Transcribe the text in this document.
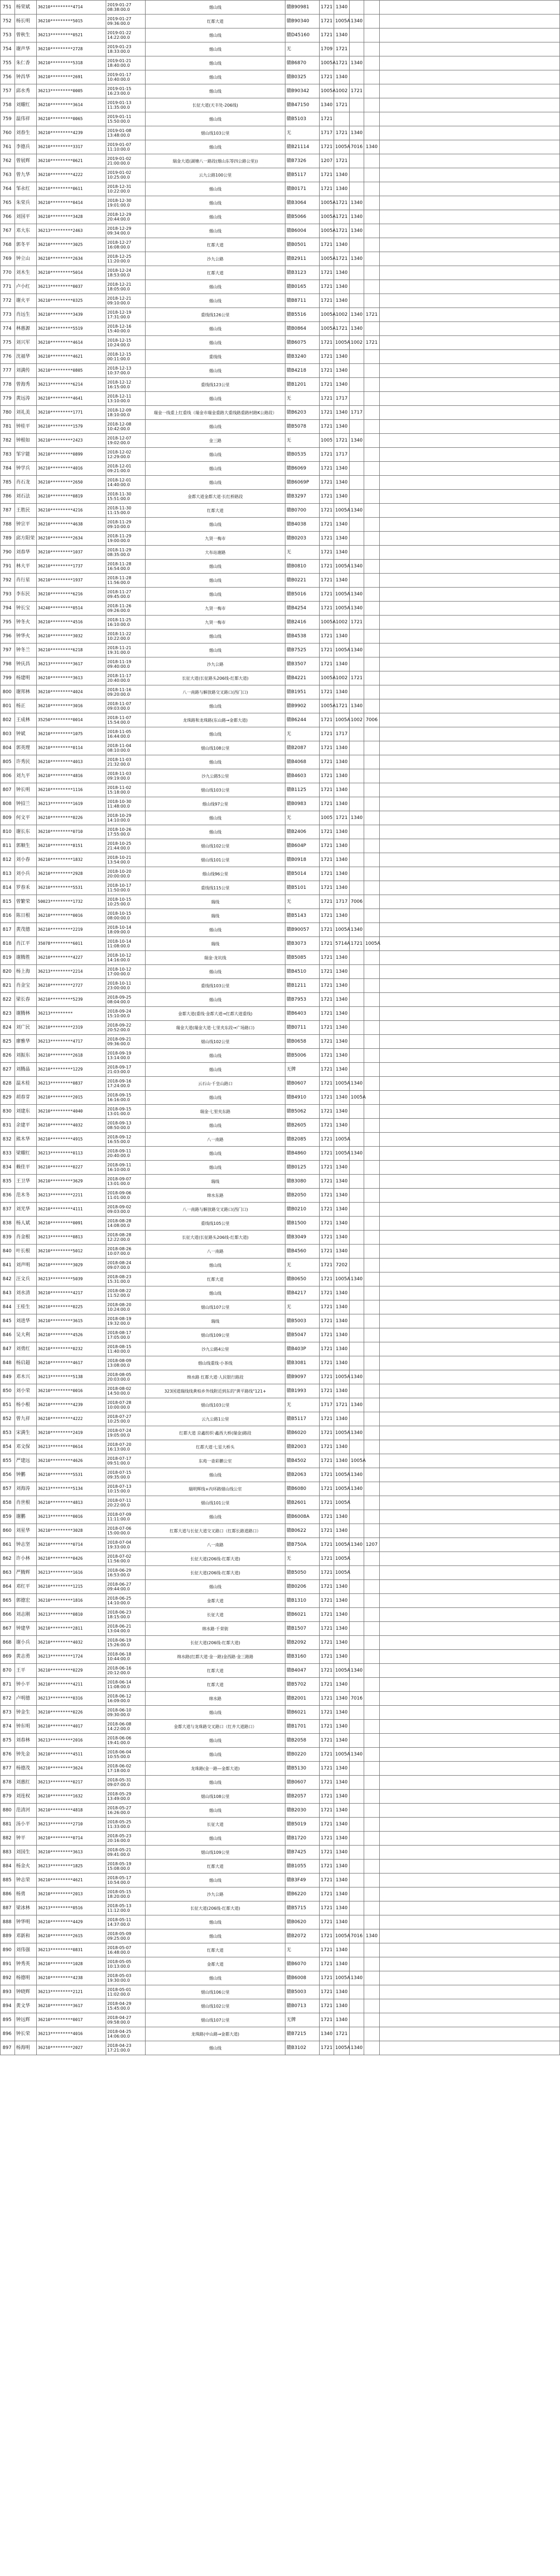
751	杨荣斌	36210*********4714	2019-01-27 08:38:00.0	烟山线	赣B90981	1721	1340			
752	杨长明	36210*********5015	2019-01-27 09:36:00.0	红都大道	赣B90340	1721	1005A	1340		
753	曾秋生	36213*********0521	2019-01-22 14:22:00.0	烟山线	赣D45160	1721	1340			
754	谢声华	36210*********2728	2019-01-23 18:33:00.0	烟山线	无	1709	1721			
755	朱仁香	36210*********5318	2019-01-21 18:40:00.0	烟山线	赣B6870	1005A	1721	1340		
756	钟昌华	36210*********2691	2019-01-17 10:40:00.0	烟山线	赣B0325	1721	1340			
757	邱水秀	36213*********0005	2019-01-15 16:23:00.0	烟山线	赣B90342	1005A	1002	1721		
758	刘耀红	36210*********3614	2019-01-13 11:35:00.0	长征大道(天丰处-206线)	赣B47150	1340	1721			
759	温伟祥	36210*********0065	2019-01-11 15:50:00.0	烟山线	赣B5103	1721				
760	刘春生	36210*********4239	2019-01-08 13:48:00.0	烟山线103公里	无	1717	1721	1340		
761	李德兵	36210*********3317	2019-01-07 11:10:00.0	烟山线	赣B21114	1721	1005A	7016	1340	
762	曾展辉	36210*********0621	2019-01-02 21:00:00.0	瑞金大道(湖塘八一路段(烟山东等四公路公里))	赣B7326	1207	1721			
763	曾九华	36210*********4222	2019-01-02 10:25:00.0	云九公路100公里	赣B5117	1721	1340			
764	邹永红	36210*********0611	2018-12-31 10:22:00.0	烟山线	赣B0171	1721	1340			
765	朱荣兵	36210*********0414	2018-12-30 19:01:00.0	烟山线	赣B3064	1005A	1721	1340		
766	刘国平	36210*********3428	2018-12-29 20:44:00.0	烟山线	赣B5066	1005A	1721	1340		
767	邓大东	36213*********2463	2018-12-29 09:34:00.0	烟山线	赣B6004	1005A	1721	1340		
768	郭冬平	36210*********3025	2018-12-27 16:08:00.0	红都大道	赣B0501	1721	1340			
769	钟立山	36210*********2634	2018-12-25 11:20:00.0	沙九公路	赣B2911	1005A	1721	1340		
770	刘木生	36210*********5014	2018-12-24 18:53:00.0	红都大道	赣B3123	1721	1340			
771	卢小红	36213*********0037	2018-12-21 18:05:00.0	烟山线	赣B0165	1721	1340			
772	谢火平	36210*********0325	2018-12-21 09:10:00.0	烟山线	赣B8711	1721	1340			
773	肖远生	36210*********3439	2018-12-19 17:31:00.0	重线线126公里	赣B5516	1005A	1002	1340	1721	
774	林惠源	36210*********5519	2018-12-16 15:40:00.0	烟山线	赣B0864	1005A	1721	1340		
775	刘兴军	36210*********4614	2018-12-15 10:24:00.0	烟山线	赣B6075	1721	1005A	1002	1721	
776	沈福华	36210*********4621	2018-12-15 00:11:00.0	重线线	赣B3240	1721	1340			
777	刘满传	36210*********0805	2018-12-13 10:37:00.0	烟山线	赣B4218	1721	1340			
778	曾海秀	36213*********6214	2018-12-12 16:15:00.0	重线线123公里	赣B1201	1721	1340			
779	黄远涛	36210*********4641	2018-12-11 13:10:00.0	烟山线	无	1721	1717			
780	刘礼美	36210*********1771	2018-12-09 18:10:00.0	瑞金一线重上红重线（瑞金市瑞金重路大重线路重路村路K公路段）	赣B6203	1721	1340	1717		
781	钟桂平	36210*********1579	2018-12-08 10:42:00.0	烟山线	赣B5078	1721	1340			
782	钟根如	36210*********2423	2018-12-07 19:02:00.0	金三路	无	1005	1721	1340		
783	邹宇能	36210*********0899	2018-12-02 12:29:00.0	烟山线	赣B0535	1721	1717			
784	钟学兵	36210*********4016	2018-12-01 09:21:00.0	烟山线	赣B6069	1721	1340			
785	肖石龙	36210*********2650	2018-12-01 14:40:00.0	烟山线	赣B6069P	1721	1340			
786	刘石法	36210*********0819	2018-11-30 15:51:00.0	金都大道金都大道·长红桥路段	赣B3297	1721	1340			
787	王胜民	36210*********4216	2018-11-30 11:15:00.0	红都大道	赣B0700	1721	1005A	1340		
788	钟宗平	36210*********4638	2018-11-29 09:10:00.0	烟山线	赣B4038	1721	1340			
789	邱方阳荣	36210*********2634	2018-11-29 19:00:00.0	九贤一梅市	赣B0203	1721	1340			
790	刘春华	36210*********1037	2018-11-29 08:35:00.0	大布站谢路	无	1721	1340			
791	林大平	36210*********1737	2018-11-28 16:54:00.0	烟山线	赣B0810	1721	1005A	1340		
792	肖行星	36210*********1937	2018-11-28 11:56:00.0	烟山线	赣B0221	1721	1340			
793	李东民	36210*********6216	2018-11-27 09:45:00.0	烟山线	赣B5016	1721	1005A	1340		
794	钟长宝	34240*********0514	2018-11-26 09:26:00.0	九贤一梅市	赣B4254	1721	1005A	1340		
795	钟冬火	36210*********4516	2018-11-25 16:10:00.0	九贤一梅市	赣B2416	1005A	1002	1721		
796	钟华火	36210*********3032	2018-11-22 10:22:00.0	烟山线	赣B4538	1721	1340			
797	钟冬兰	36210*********6218	2018-11-21 19:31:00.0	烟山线	赣B7525	1721	1005A	1340		
798	钟庆昌	36213*********3617	2018-11-19 09:40:00.0	沙九公路	赣B3507	1721	1340			
799	杨建明	36210*********3613	2018-11-17 20:40:00.0	长征大道(长征路头206线-红都大道)	赣B4221	1005A	1002	1721		
800	谢邦林	36210*********4024	2018-11-16 09:20:00.0	八一南路与解放路交叉路口(西门口)	赣B1951	1721	1340			
801	杨正	36210*********3016	2018-11-07 09:03:00.0	烟山线	赣B9902	1005A	1721	1340		
802	王成林	35250*********0014	2018-11-07 15:54:00.0	龙珠路和龙珠路(东山路→金都大道)	赣B6244	1721	1005A	1002	7006	
803	钟斌	36210*********1075	2018-11-05 16:44:00.0	烟山线	无	1721	1717			
804	郭英理	36210*********0114	2018-11-04 08:10:00.0	烟山线108公里	赣B2087	1721	1340			
805	许秀民	36210*********4013	2018-11-03 21:32:00.0	烟山线	赣B4068	1721	1340			
806	刘九平	36210*********4816	2018-11-03 09:19:00.0	沙九公路5公里	赣B4603	1721	1340			
807	钟长明	36210*********1116	2018-11-02 15:18:00.0	烟山线103公里	赣B1125	1721	1340			
808	钟招兰	36213*********1619	2018-10-30 11:48:00.0	烟山线97公里	赣B0983	1721	1340			
809	何文平	36210*********0226	2018-10-29 14:10:00.0	烟山线	无	1005	1721	1340		
810	谢长东	36210*********0710	2018-10-26 17:55:00.0	烟山线	赣B2406	1721	1340			
811	郭顺生	36210*********8151	2018-10-25 21:44:00.0	烟山线102公里	赣B604P	1721	1340			
812	刘小春	36210*********1832	2018-10-21 13:54:00.0	烟山线101公里	赣B0918	1721	1340			
813	刘小兵	36210*********2928	2018-10-20 20:00:00.0	烟山线96公里	赣B5014	1721	1340			
814	罗春禾	36210*********5531	2018-10-17 11:50:00.0	重线线115公里	赣B5101	1721	1340			
815	曾繁荣	50023*********1732	2018-10-15 10:25:00.0	瑞线	无	1721	1717	7006		
816	陈日根	36210*********0016	2018-10-15 08:00:00.0	瑞线	赣B5143	1721	1340			
817	黄茂德	36210*********2219	2018-10-14 18:09:00.0	烟山线	赣B90057	1721	1005A	1340		
818	肖江平	35078*********6011	2018-10-14 11:08:00.0	瑞线	赣B3073	1721	5714A	1721	1005A	
819	谢腾胜	36210*********4227	2018-10-12 14:16:00.0	瑞金·龙坑线	赣B5085	1721	1340			
820	杨上海	36213*********2214	2018-10-12 17:00:00.0	烟山线	赣B4510	1721	1340			
821	肖金宝	36210*********2727	2018-10-11 23:00:00.0	重线线103公里	赣B1211	1721	1340			
822	梁长春	36210*********5239	2018-09-25 08:04:00.0	烟山线	赣B7953	1721	1340			
823	谢腾林	36213*********	2018-09-24 15:10:00.0	金都大道(重线·金都大道→红都大道重线)	赣B6403	1721	1340			
824	刘广民	36210*********2319	2018-09-22 20:52:00.0	瑞金大道(瑞金大道·七里夹东段→广场路口)	赣B0711	1721	1340			
825	廖雅华	36213*********4717	2018-09-21 09:36:00.0	烟山线102公里	赣B0658	1721	1340			
826	刘振东	36210*********2618	2018-09-19 13:14:00.0	烟山线	赣B5006	1721	1340			
827	刘腾晶	36210*********1229	2018-09-17 21:03:00.0	烟山线	无牌	1721	1340			
828	温木桂	36213*********0837	2018-09-16 17:24:00.0	云石山·千皇山路口	赣B0607	1721	1005A	1340		
829	胡春芽	36210*********2015	2018-09-15 16:16:00.0	烟山线	赣B4910	1721	1340	1005A		
830	刘建东	36210*********4040	2018-09-15 13:01:00.0	瑞金·七里夹东路	赣B5062	1721	1340			
831	余建平	36210*********4032	2018-09-13 08:50:00.0	烟山线	赣B2605	1721	1340			
832	熊木华	36210*********4915	2018-09-12 16:55:00.0	八一南路	赣B2085	1721	1005A			
833	梁耀红	36213*********0113	2018-09-11 20:40:00.0	烟山线	赣B4860	1721	1005A	1340		
834	赖佳平	36210*********0227	2018-09-11 16:10:00.0	烟山线	赣B0125	1721	1340			
835	王卫华	36210*********3629	2018-09-07 13:01:00.0	瑞线	赣B3080	1721	1340			
836	范木冬	36213*********2211	2018-09-06 11:01:00.0	绵水东路	赣B2050	1721	1340			
837	刘光华	36210*********4111	2018-09-02 09:03:00.0	八一南路与解放路交叉路口(西门口)	赣B0210	1721	1340			
838	杨人斌	36210*********0091	2018-08-28 14:08:00.0	重线线105公里	赣B1500	1721	1340			
839	肖金根	36213*********0813	2018-08-28 12:22:00.0	长征大道(长征路头206线-红都大道)	赣B3049	1721	1340			
840	叶长根	36210*********5012	2018-08-26 10:07:00.0	八一南路	赣B4560	1721	1340			
841	刘声明	36210*********3029	2018-08-24 09:07:00.0	烟山线	无	1721	7202			
842	汪文兵	36213*********5039	2018-08-23 15:31:00.0	红都大道	赣B0650	1721	1005A	1340		
843	刘水清	36210*********4217	2018-08-22 11:52:00.0	烟山线	赣B4217	1721	1340			
844	王桂生	36210*********0225	2018-08-20 10:24:00.0	烟山线107公里	无	1721	1340			
845	刘进华	36210*********3615	2018-08-19 19:32:00.0	瑞线	赣B5003	1721	1340			
846	吴大利	36210*********4526	2018-08-17 17:05:00.0	烟山线109公里	赣B5047	1721	1340			
847	刘勇红	36210*********0232	2018-08-15 11:40:00.0	沙九公路4公里	赣B403P	1721	1340			
848	杨启超	36210*********4617	2018-08-09 13:08:00.0	烟山线重线·小茶线	赣B3081	1721	1340			
849	邓木兴	36213*********5138	2018-08-05 20:03:00.0	绵水路 红都大道·人民银行路段	赣B9097	1721	1005A	1340		
850	刘小荣	36210*********0016	2018-08-02 14:50:00.0	323国道瑞线线黄柏乡外线附近到东的"黄平路线"121+	赣B1993	1721	1340			
851	杨小根	36210*********4239	2018-07-28 10:00:00.0	烟山线103公里	无	1717	1721	1340		
852	曾九祥	36210*********4222	2018-07-27 10:25:00.0	云九公路1公里	赣B5117	1721	1340			
853	宋满生	36210*********2419	2018-07-24 19:05:00.0	红都大道 京鑫纺织·鑫西大桥(瑞金)路段	赣B6020	1721	1005A	1340		
854	邓文保	36213*********0614	2018-07-20 16:13:00.0	红都大道·七星大桥头	赣B2003	1721	1340			
855	严建远	36210*********4626	2018-07-17 09:51:00.0	东苑一壶彩鹏公室	赣B4502	1721	1340	1005A		
856	钟鹏	36210*********5531	2018-07-15 09:35:00.0	烟山线	赣B2063	1721	1005A	1340		
857	刘海涛	36213*********5134	2018-07-13 10:15:00.0	瑞明辉线+内环路烟山线公室	赣B6080	1721	1005A	1340		
858	肖世根	36210*********4813	2018-07-11 20:22:00.0	烟山线101公里	赣B2601	1721	1005A			
859	谢鹏	36213*********0016	2018-07-09 11:11:00.0	烟山线	赣B6008A	1721	1340			
860	刘星华	36210*********3028	2018-07-06 15:00:00.0	红都大道与长征大道交叉路口（红都长路道路口）	赣B0622	1721	1340			
861	钟志坚	36210*********0714	2018-07-04 19:33:00.0	八一南路	赣B750A	1721	1005A	1340	1207	
862	许小林	36210*********0426	2018-07-02 11:56:00.0	长征大道(206线-红都大道)	无	1721	1005A			
863	严腾辉	36213*********1616	2018-06-29 16:53:00.0	长征大道(206线-红都大道)	赣B5050	1721	1005A			
864	邓红平	36210*********1215	2018-06-27 09:44:00.0	烟山线	赣B0206	1721	1340			
865	郭德宏	36210*********1816	2018-06-25 14:10:00.0	金都大道	赣B1310	1721	1340			
866	刘志刚	36213*********0810	2018-06-23 18:15:00.0	长征大道	赣B6021	1721	1340			
867	钟建华	36210*********2811	2018-06-21 13:04:00.0	绵水路·千荣街	赣B1507	1721	1340			
868	谢小兵	36210*********4032	2018-06-19 15:26:00.0	长征大道(206线-红都大道)	赣B2092	1721	1340			
869	黄志勇	36213*********1724	2018-06-18 10:44:00.0	绵水路(红都大道·金一路)金西路·金三路路	赣B3160	1721	1340			
870	王平	36210*********0229	2018-06-16 20:12:00.0	红都大道	赣B4047	1721	1005A	1340		
871	钟小平	36210*********4211	2018-06-14 11:08:00.0	红都大道	赣B5702	1721	1340			
872	卢明德	36213*********0316	2018-06-12 16:09:00.0	绵水路	赣B2001	1721	1340	7016		
873	钟金生	36210*********0226	2018-06-10 09:30:00.0	烟山线	赣B6021	1721	1340			
874	钟东明	36210*********4017	2018-06-08 14:22:00.0	金都大道与龙珠路交叉路口（红井大道路口）	赣B1701	1721	1340			
875	刘春林	36213*********2016	2018-06-06 19:41:00.0	烟山线	赣B2058	1721	1340			
876	钟先金	36210*********4511	2018-06-04 10:55:00.0	烟山线	赣B0220	1721	1005A	1340		
877	杨德茂	36210*********3624	2018-06-02 17:18:00.0	龙珠路(金一路—金都大道)	赣B5130	1721	1340			
878	刘惠红	36213*********0217	2018-05-31 09:07:00.0	烟山线	赣B0607	1721	1340			
879	刘连权	36210*********1632	2018-05-29 13:49:00.0	烟山线108公里	赣B2057	1721	1340			
880	范清河	36210*********4818	2018-05-27 16:26:00.0	烟山线	赣B2030	1721	1340			
881	汤小平	36213*********2710	2018-05-25 11:33:00.0	长征大道	赣B5019	1721	1340			
882	钟平	36210*********0714	2018-05-23 20:16:00.0	烟山线	赣B1720	1721	1340			
883	刘国生	36210*********3613	2018-05-21 09:41:00.0	烟山线109公里	赣B7425	1721	1340			
884	杨金火	36213*********1825	2018-05-19 15:08:00.0	红都大道	赣B1055	1721	1340			
885	钟志荣	36210*********4621	2018-05-17 10:54:00.0	烟山线	赣B3F49	1721	1340			
886	杨勇	36210*********2013	2018-05-15 18:20:00.0	沙九公路	赣B6220	1721	1340			
887	梁冰林	36213*********0516	2018-05-13 11:12:00.0	长征大道(206线-红都大道)	赣B5715	1721	1340			
888	钟华明	36210*********4429	2018-05-11 14:37:00.0	烟山线	赣B0620	1721	1340			
889	邓新和	36210*********2615	2018-05-09 09:25:00.0	烟山线	赣B2072	1721	1005A	7016	1340	
890	刘伟强	36213*********0831	2018-05-07 16:48:00.0	红都大道	无	1721	1340			
891	钟秀英	36210*********1028	2018-05-05 10:13:00.0	金都大道	赣B6070	1721	1340			
892	杨德明	36210*********4238	2018-05-03 19:30:00.0	烟山线	赣B6008	1721	1005A	1340		
893	钟晓辉	36213*********2121	2018-05-01 11:02:00.0	烟山线106公里	赣B5003	1721	1340			
894	黄文华	36210*********3617	2018-04-29 15:45:00.0	烟山线102公里	赣B0713	1721	1340			
895	钟远辉	36210*********0017	2018-04-27 09:58:00.0	烟山线107公里	无牌	1721	1340			
896	钟长荣	36213*********4016	2018-04-25 14:06:00.0	龙珠路(中山路→金都大道)	赣B7215	1340	1721			
897	杨海明	36210*********2027	2018-04-23 17:21:00.0	烟山线	赣B3102	1721	1005A	1340		
